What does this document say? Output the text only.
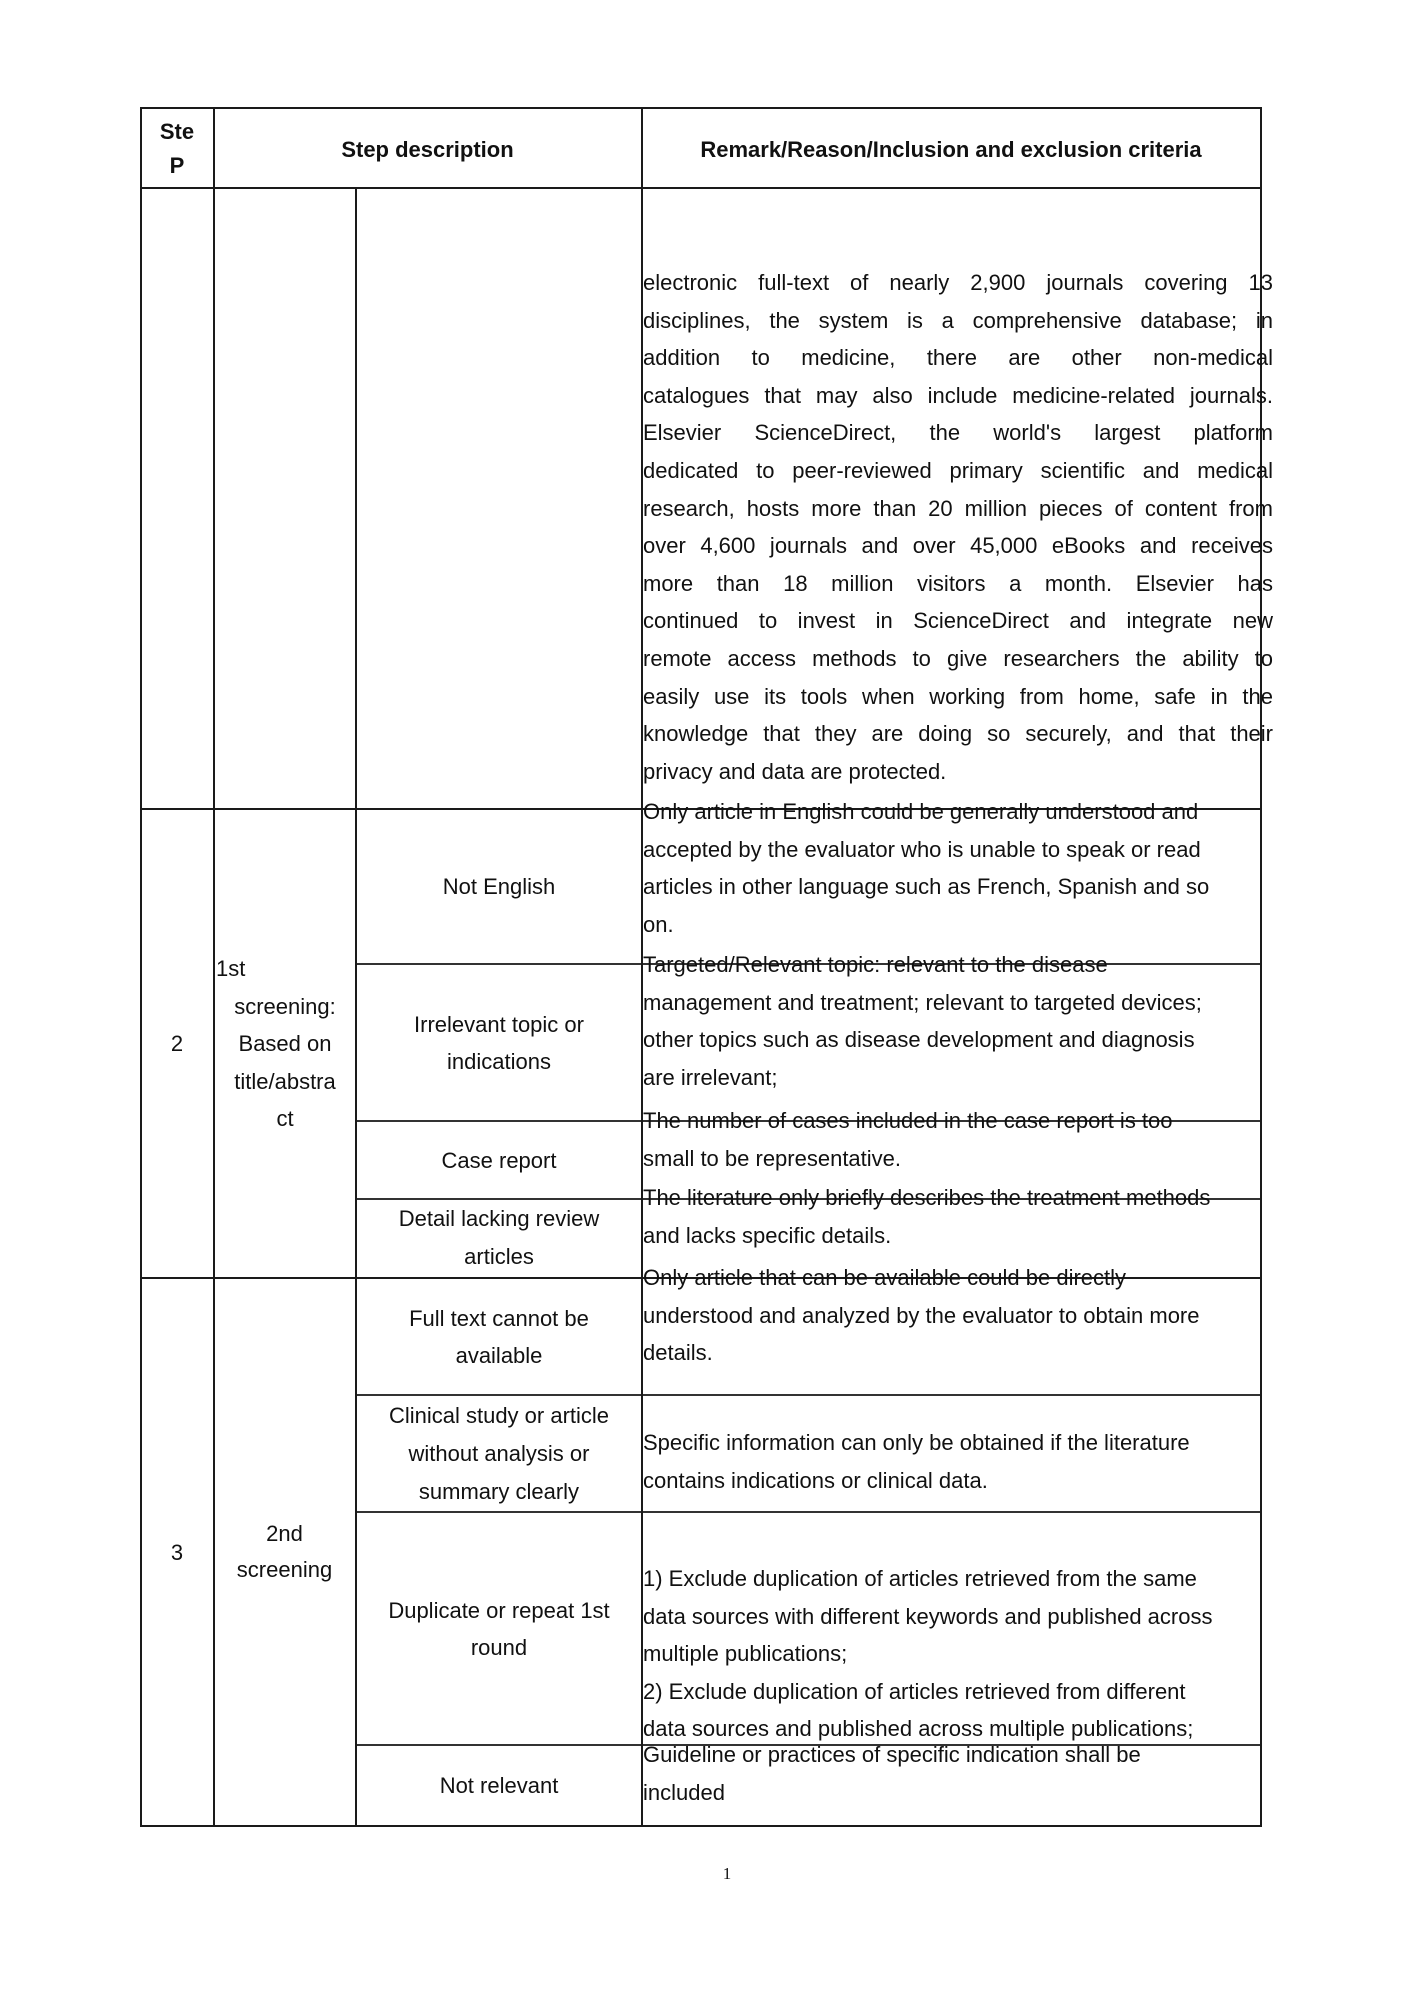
Ste
P
Step description	Remark/Reason/Inclusion and exclusion criteria
electronic full-text of nearly 2,900 journals covering 13
disciplines, the system is a comprehensive database; in
addition to medicine, there are other non-medical
catalogues that may also include medicine-related journals.
Elsevier ScienceDirect, the world's largest platform
dedicated to peer-reviewed primary scientific and medical
research, hosts more than 20 million pieces of content from
over 4,600 journals and over 45,000 eBooks and receives
more than 18 million visitors a month. Elsevier has
continued to invest in ScienceDirect and integrate new
remote access methods to give researchers the ability to
easily use its tools when working from home, safe in the
knowledge that they are doing so securely, and that their
privacy and data are protected.
2
1st
screening:
Based on
title/abstra
ct
Not English
Irrelevant topic or
indications
Case report
Detail lacking review
articles
Only article in English could be generally understood and
accepted by the evaluator who is unable to speak or read
articles in other language such as French, Spanish and so
on.
Targeted/Relevant topic: relevant to the disease
management and treatment; relevant to targeted devices;
other topics such as disease development and diagnosis
are irrelevant;
The number of cases included in the case report is too
small to be representative.
The literature only briefly describes the treatment methods
and lacks specific details.
3
2nd
screening
Full text cannot be
available
Clinical study or article
without analysis or
summary clearly
Duplicate or repeat 1st
round
Not relevant
Only article that can be available could be directly
understood and analyzed by the evaluator to obtain more
details.
Specific information can only be obtained if the literature
contains indications or clinical data.
1) Exclude duplication of articles retrieved from the same
data sources with different keywords and published across
multiple publications;
2) Exclude duplication of articles retrieved from different
data sources and published across multiple publications;
Guideline or practices of specific indication shall be
included
1
